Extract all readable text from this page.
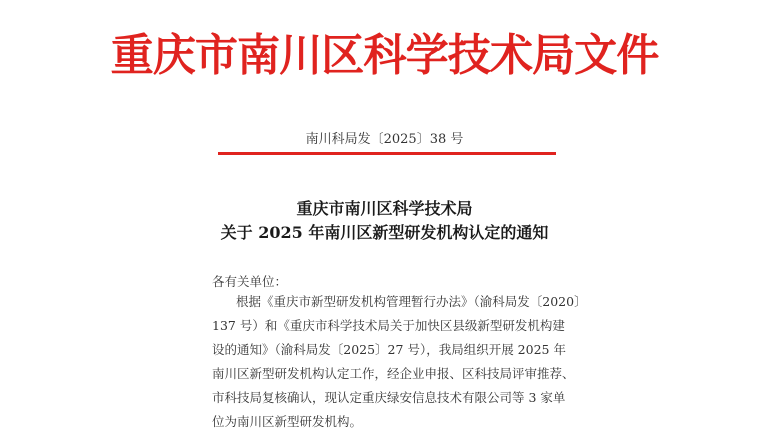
重庆市南川区科学技术局文件
南川科局发〔2025〕38 号
重庆市南川区科学技术局
关于 2025 年南川区新型研发机构认定的通知
各有关单位：
根据《重庆市新型研发机构管理暂行办法》（渝科局发〔2020〕
137 号）和《重庆市科学技术局关于加快区县级新型研发机构建
设的通知》（渝科局发〔2025〕27 号），我局组织开展 2025 年
南川区新型研发机构认定工作，经企业申报、区科技局评审推荐、
市科技局复核确认，现认定重庆绿安信息技术有限公司等 3 家单
位为南川区新型研发机构。
